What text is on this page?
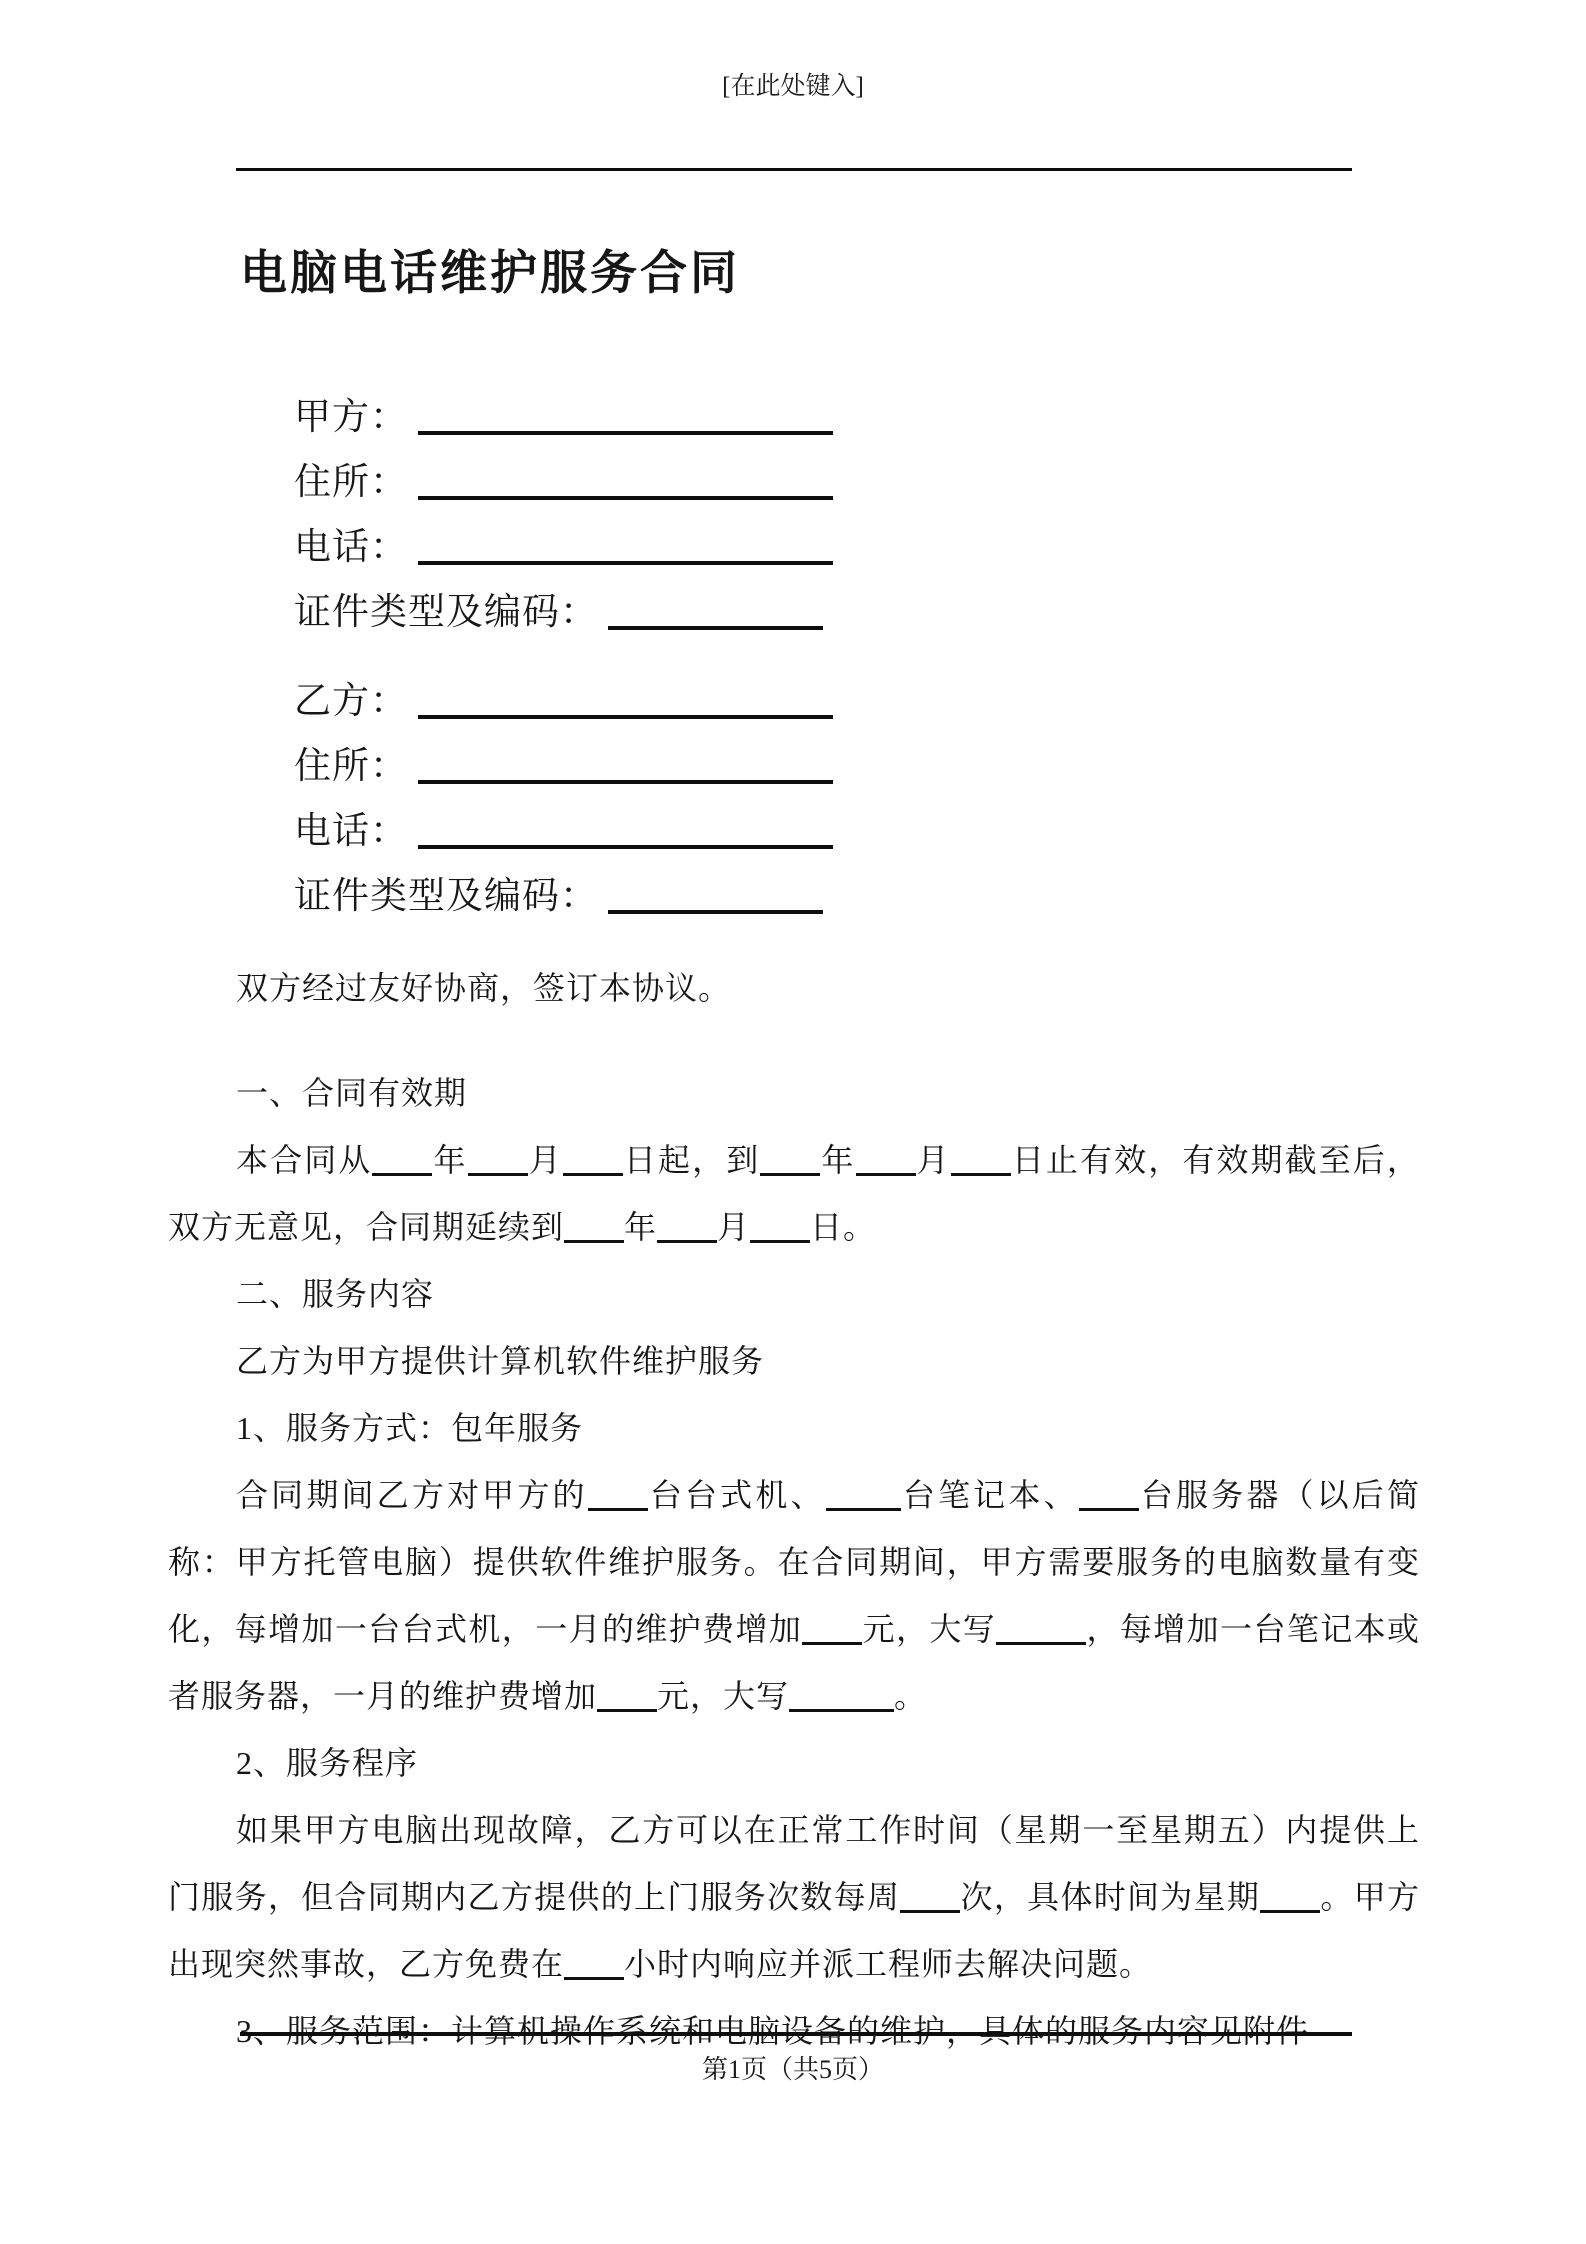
[在此处键入]
电脑电话维护服务合同
甲方：
住所：
电话：
证件类型及编码：
乙方：
住所：
电话：
证件类型及编码：

双方经过友好协商，签订本协议。

一、合同有效期

本合同从 年 月 日起，到 年 月 日止有效，有效期截至后，双方无意见，合同期延续到 年 月 日。

二、服务内容

乙方为甲方提供计算机软件维护服务

1、服务方式：包年服务

合同期间乙方对甲方的 台台式机、 台笔记本、 台服务器（以后简称：甲方托管电脑）提供软件维护服务。在合同期间，甲方需要服务的电脑数量有变化，每增加一台台式机，一月的维护费增加 元，大写	，每增加一台笔记本或者服务器，一月的维护费增加 元，大写	。

2、服务程序

如果甲方电脑出现故障，乙方可以在正常工作时间（星期一至星期五）内提供上门服务，但合同期内乙方提供的上门服务次数每周 次，具体时间为星期 。甲方出现突然事故，乙方免费在 小时内响应并派工程师去解决问题。

3、服务范围：计算机操作系统和电脑设备的维护，具体的服务内容见附件

第1页（共5页）
